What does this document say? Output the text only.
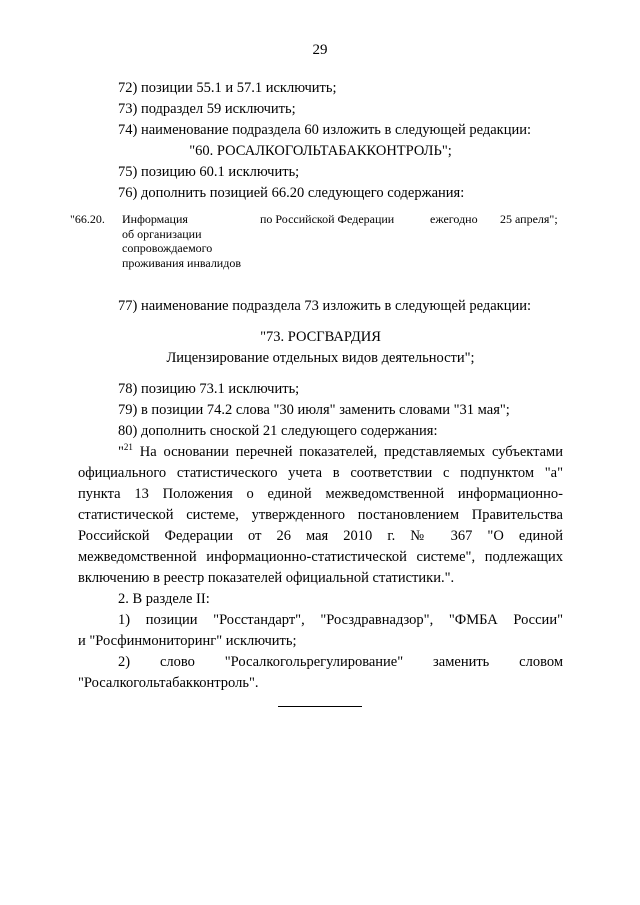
29

72) позиции 55.1 и 57.1 исключить;

73) подраздел 59 исключить;

74) наименование подраздела 60 изложить в следующей редакции:

"60. РОСАЛКОГОЛЬТАБАККОНТРОЛЬ";

75) позицию 60.1 исключить;

76) дополнить позицией 66.20 следующего содержания:

"66.20. Информация
об организации
сопровождаемого
проживания инвалидов
по Российской Федерации	ежегодно 25 апреля";

77) наименование подраздела 73 изложить в следующей редакции:

"73. РОСГВАРДИЯ

Лицензирование отдельных видов деятельности";

78) позицию 73.1 исключить;

79) в позиции 74.2 слова "30 июля" заменить словами "31 мая";

80) дополнить сноской 21 следующего содержания:

"$^{21}$ На основании перечней показателей, представляемых субъектами

официального статистического учета в соответствии с подпунктом "а"

пункта 13 Положения о единой межведомственной информационно-

статистической системе, утвержденного постановлением Правительства

Российской Федерации от 26 мая 2010 г. № 367 "О единой

межведомственной информационно-статистической системе", подлежащих

включению в реестр показателей официальной статистики.".

2. В разделе II:

1) позиции "Росстандарт", "Росздравнадзор", "ФМБА России"

и "Росфинмониторинг" исключить;

2) слово "Росалкогольрегулирование" заменить словом

"Росалкогольтабакконтроль".
